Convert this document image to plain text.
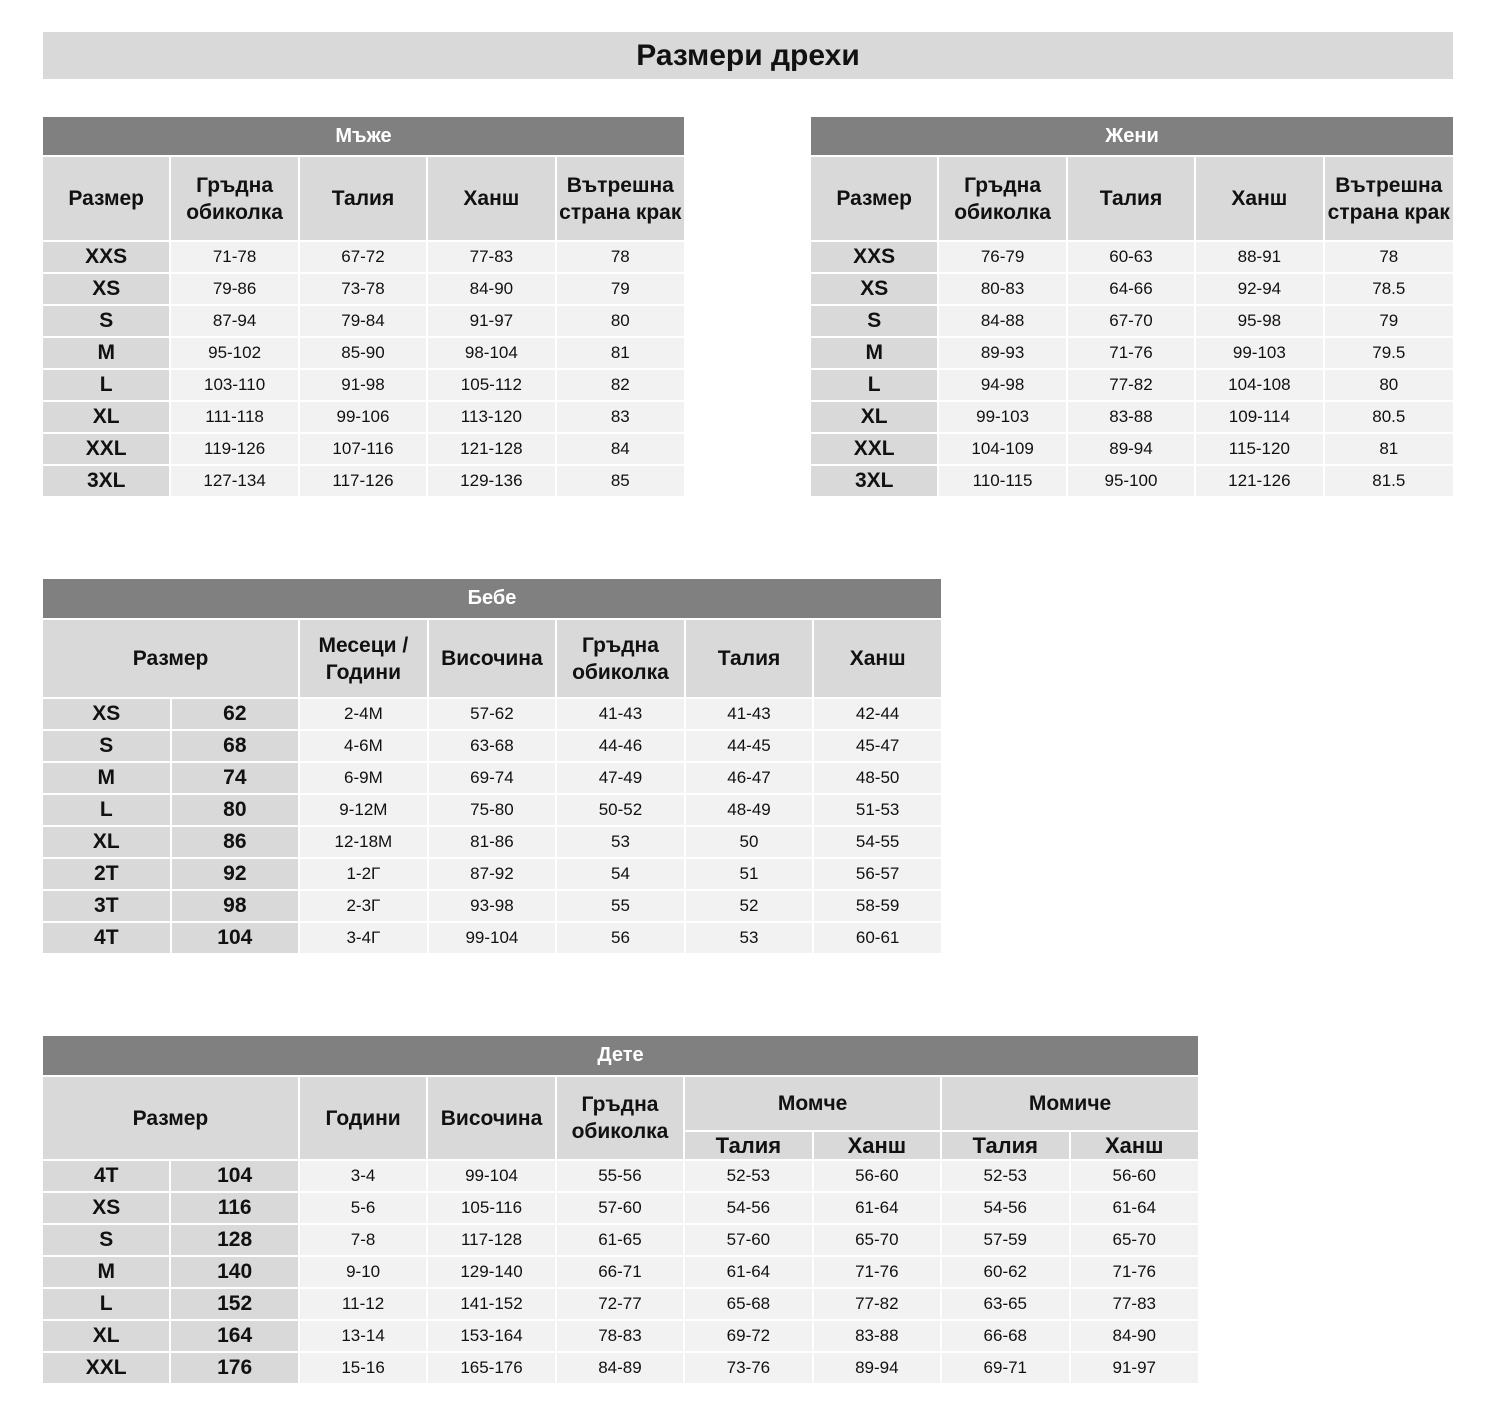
Размери дрехи
Мъже				
Размер	Гръдна обиколка	Талия	Ханш	Вътрешна страна крак
XXS	71-78	67-72	77-83	78
XS	79-86	73-78	84-90	79
S	87-94	79-84	91-97	80
M	95-102	85-90	98-104	81
L	103-110	91-98	105-112	82
XL	111-118	99-106	113-120	83
XXL	119-126	107-116	121-128	84
3XL	127-134	117-126	129-136	85
Жени				
Размер	Гръдна обиколка	Талия	Ханш	Вътрешна страна крак
XXS	76-79	60-63	88-91	78
XS	80-83	64-66	92-94	78.5
S	84-88	67-70	95-98	79
M	89-93	71-76	99-103	79.5
L	94-98	77-82	104-108	80
XL	99-103	83-88	109-114	80.5
XXL	104-109	89-94	115-120	81
3XL	110-115	95-100	121-126	81.5
Бебе						
Размер		Месеци / Години	Височина	Гръдна обиколка	Талия	Ханш
XS	62	2-4М	57-62	41-43	41-43	42-44
S	68	4-6М	63-68	44-46	44-45	45-47
M	74	6-9М	69-74	47-49	46-47	48-50
L	80	9-12М	75-80	50-52	48-49	51-53
XL	86	12-18М	81-86	53	50	54-55
2T	92	1-2Г	87-92	54	51	56-57
3T	98	2-3Г	93-98	55	52	58-59
4T	104	3-4Г	99-104	56	53	60-61
Дете								
Размер		Години	Височина	Гръдна обиколка	Момче		Момиче	
					Талия	Ханш	Талия	Ханш
4T	104	3-4	99-104	55-56	52-53	56-60	52-53	56-60
XS	116	5-6	105-116	57-60	54-56	61-64	54-56	61-64
S	128	7-8	117-128	61-65	57-60	65-70	57-59	65-70
M	140	9-10	129-140	66-71	61-64	71-76	60-62	71-76
L	152	11-12	141-152	72-77	65-68	77-82	63-65	77-83
XL	164	13-14	153-164	78-83	69-72	83-88	66-68	84-90
XXL	176	15-16	165-176	84-89	73-76	89-94	69-71	91-97
